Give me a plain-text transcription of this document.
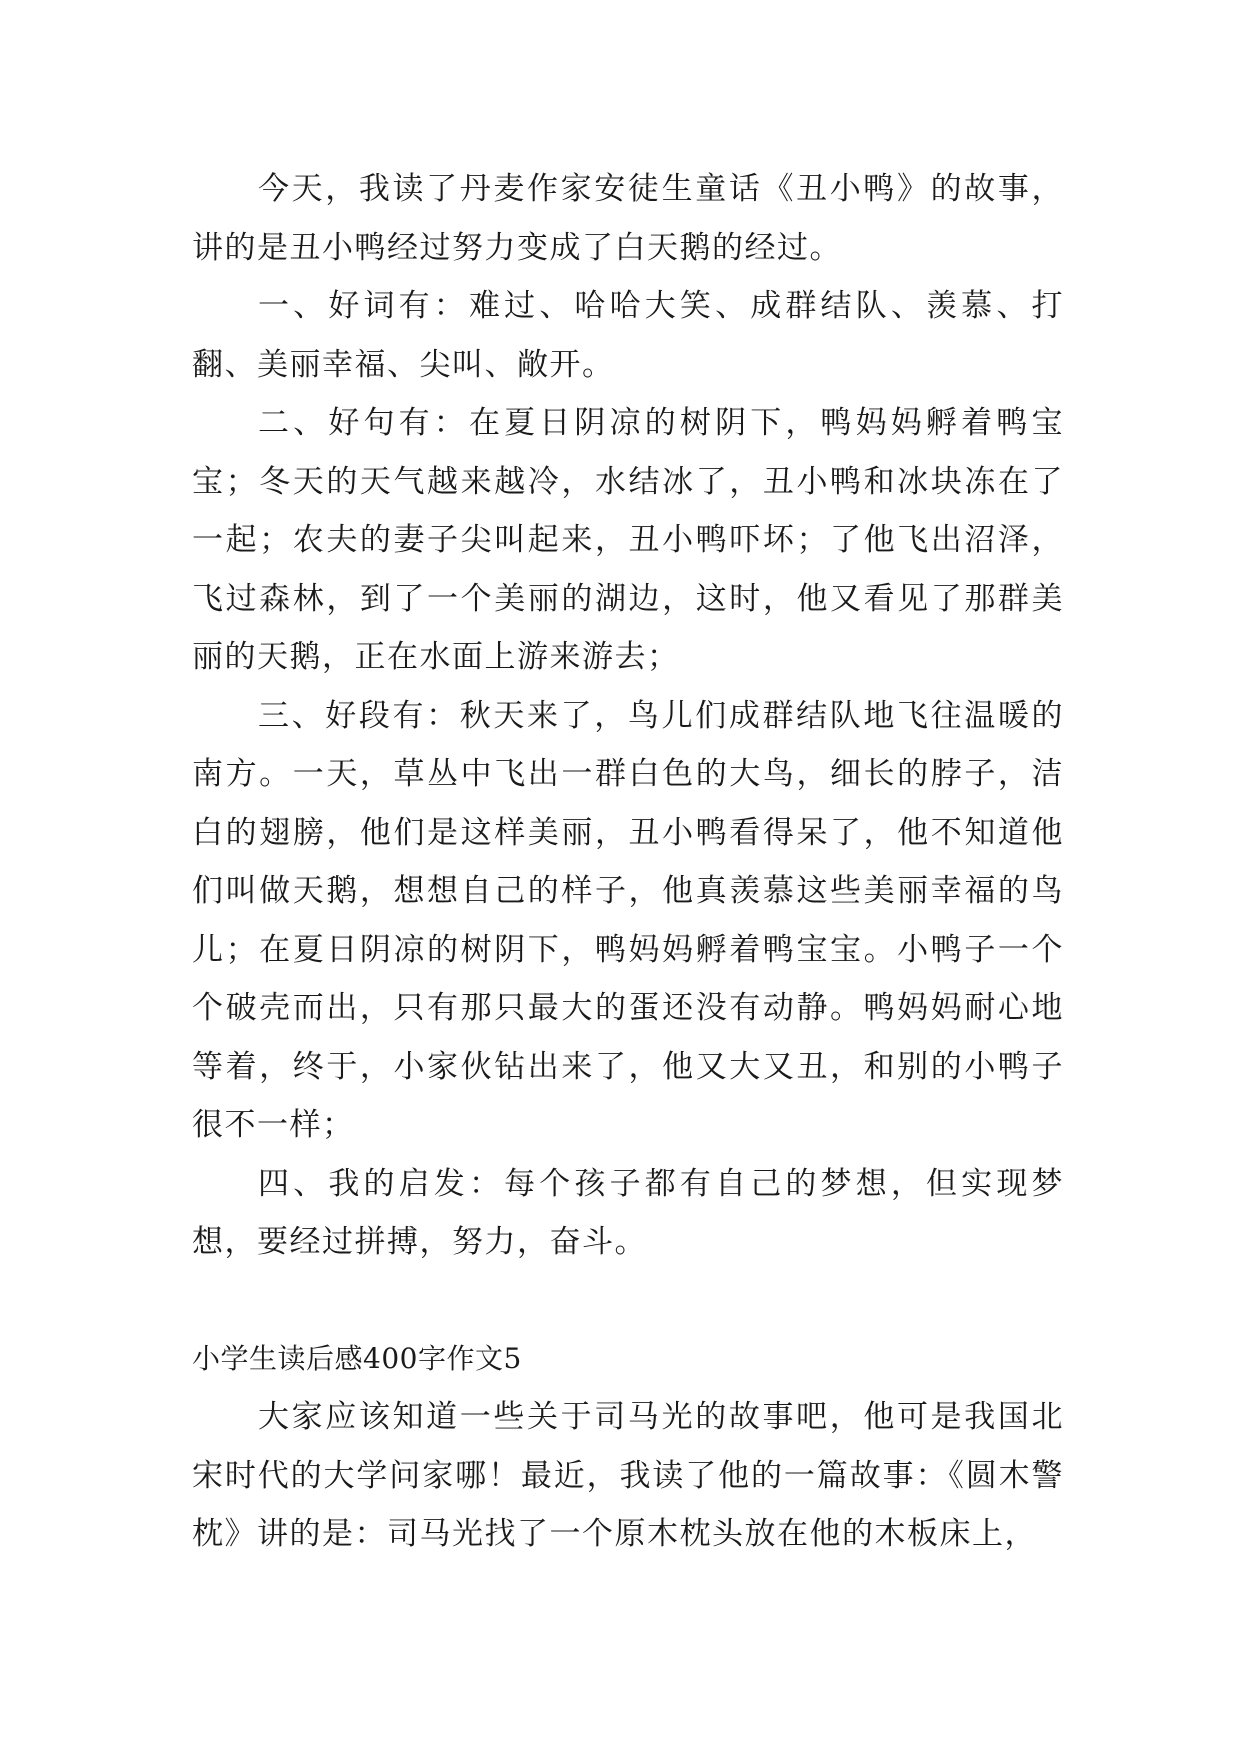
今天，我读了丹麦作家安徒生童话《丑小鸭》的故事，讲的是丑小鸭经过努力变成了白天鹅的经过。

一、好词有：难过、哈哈大笑、成群结队、羡慕、打翻、美丽幸福、尖叫、敞开。

二、好句有：在夏日阴凉的树阴下，鸭妈妈孵着鸭宝宝；冬天的天气越来越冷，水结冰了，丑小鸭和冰块冻在了一起；农夫的妻子尖叫起来，丑小鸭吓坏；了他飞出沼泽，飞过森林，到了一个美丽的湖边，这时，他又看见了那群美丽的天鹅，正在水面上游来游去；

三、好段有：秋天来了，鸟儿们成群结队地飞往温暖的南方。一天，草丛中飞出一群白色的大鸟，细长的脖子，洁白的翅膀，他们是这样美丽，丑小鸭看得呆了，他不知道他们叫做天鹅，想想自己的样子，他真羡慕这些美丽幸福的鸟儿；在夏日阴凉的树阴下，鸭妈妈孵着鸭宝宝。小鸭子一个个破壳而出，只有那只最大的蛋还没有动静。鸭妈妈耐心地等着，终于，小家伙钻出来了，他又大又丑，和别的小鸭子很不一样；

四、我的启发：每个孩子都有自己的梦想，但实现梦想，要经过拼搏，努力，奋斗。

小学生读后感400字作文5

大家应该知道一些关于司马光的故事吧，他可是我国北宋时代的大学问家哪！最近，我读了他的一篇故事：《圆木警枕》讲的是：司马光找了一个原木枕头放在他的木板床上，
